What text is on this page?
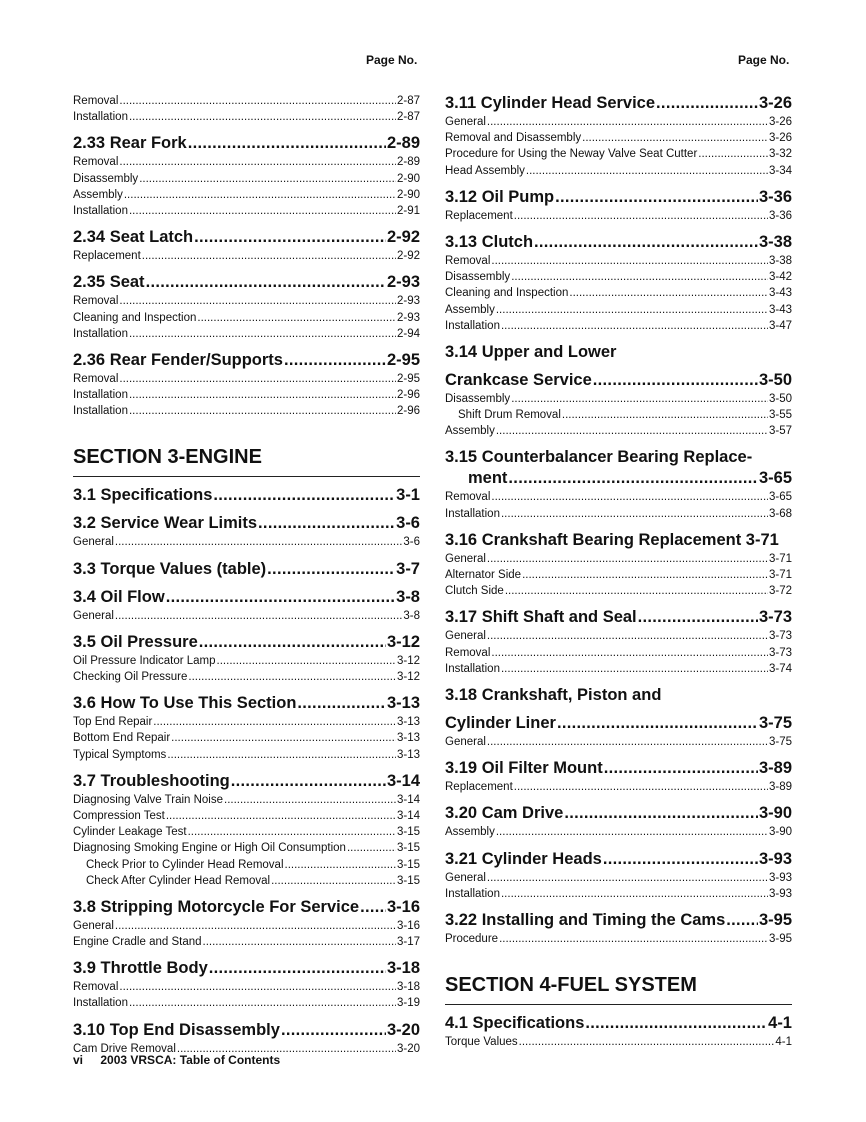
Page No.	Page No.
Removal .....	2-87
Installation .....	2-87
2.33 Rear Fork .....	2-89
Removal .....	2-89
Disassembly .....	2-90
Assembly .....	2-90
Installation .....	2-91
2.34 Seat Latch .....	2-92
Replacement .....	2-92
2.35 Seat .....	2-93
Removal .....	2-93
Cleaning and Inspection .....	2-93
Installation .....	2-94
2.36 Rear Fender/Supports .....	2-95
Removal .....	2-95
Installation .....	2-96
Installation .....	2-96
SECTION 3-ENGINE
3.1 Specifications .....	3-1
3.2 Service Wear Limits .....	3-6
General .....	3-6
3.3 Torque Values (table) .....	3-7
3.4 Oil Flow .....	3-8
General .....	3-8
3.5 Oil Pressure .....	3-12
Oil Pressure Indicator Lamp .....	3-12
Checking Oil Pressure .....	3-12
3.6 How To Use This Section .....	3-13
Top End Repair .....	3-13
Bottom End Repair .....	3-13
Typical Symptoms .....	3-13
3.7 Troubleshooting .....	3-14
Diagnosing Valve Train Noise .....	3-14
Compression Test .....	3-14
Cylinder Leakage Test .....	3-15
Diagnosing Smoking Engine or High Oil Consumption .....	3-15
Check Prior to Cylinder Head Removal .....	3-15
Check After Cylinder Head Removal .....	3-15
3.8 Stripping Motorcycle For Service ..... 3-16
General .....	3-16
Engine Cradle and Stand .....	3-17
3.9 Throttle Body .....	3-18
Removal .....	3-18
Installation .....	3-19
3.10 Top End Disassembly .....	3-20
Cam Drive Removal .....	3-20
3.11 Cylinder Head Service .....	3-26
General .....	3-26
Removal and Disassembly .....	3-26
Procedure for Using the Neway Valve Seat Cutter .....	3-32
Head Assembly .....	3-34
3.12 Oil Pump .....	3-36
Replacement .....	3-36
3.13 Clutch .....	3-38
Removal .....	3-38
Disassembly .....	3-42
Cleaning and Inspection .....	3-43
Assembly .....	3-43
Installation .....	3-47
3.14 Upper and Lower
Crankcase Service .....	3-50
Disassembly .....	3-50
Shift Drum Removal .....	3-55
Assembly .....	3-57
3.15 Counterbalancer Bearing Replace-
ment .....	3-65
Removal .....	3-65
Installation .....	3-68
3.16 Crankshaft Bearing Replacement 3-71
General .....	3-71
Alternator Side .....	3-71
Clutch Side .....	3-72
3.17 Shift Shaft and Seal .....	3-73
General .....	3-73
Removal .....	3-73
Installation .....	3-74
3.18 Crankshaft, Piston and
Cylinder Liner .....	3-75
General .....	3-75
3.19 Oil Filter Mount .....	3-89
Replacement .....	3-89
3.20 Cam Drive .....	3-90
Assembly .....	3-90
3.21 Cylinder Heads .....	3-93
General .....	3-93
Installation .....	3-93
3.22 Installing and Timing the Cams ..... 3-95
Procedure .....	3-95
SECTION 4-FUEL SYSTEM
4.1 Specifications .....	4-1
Torque Values .....	4-1
vi 2003 VRSCA: Table of Contents
